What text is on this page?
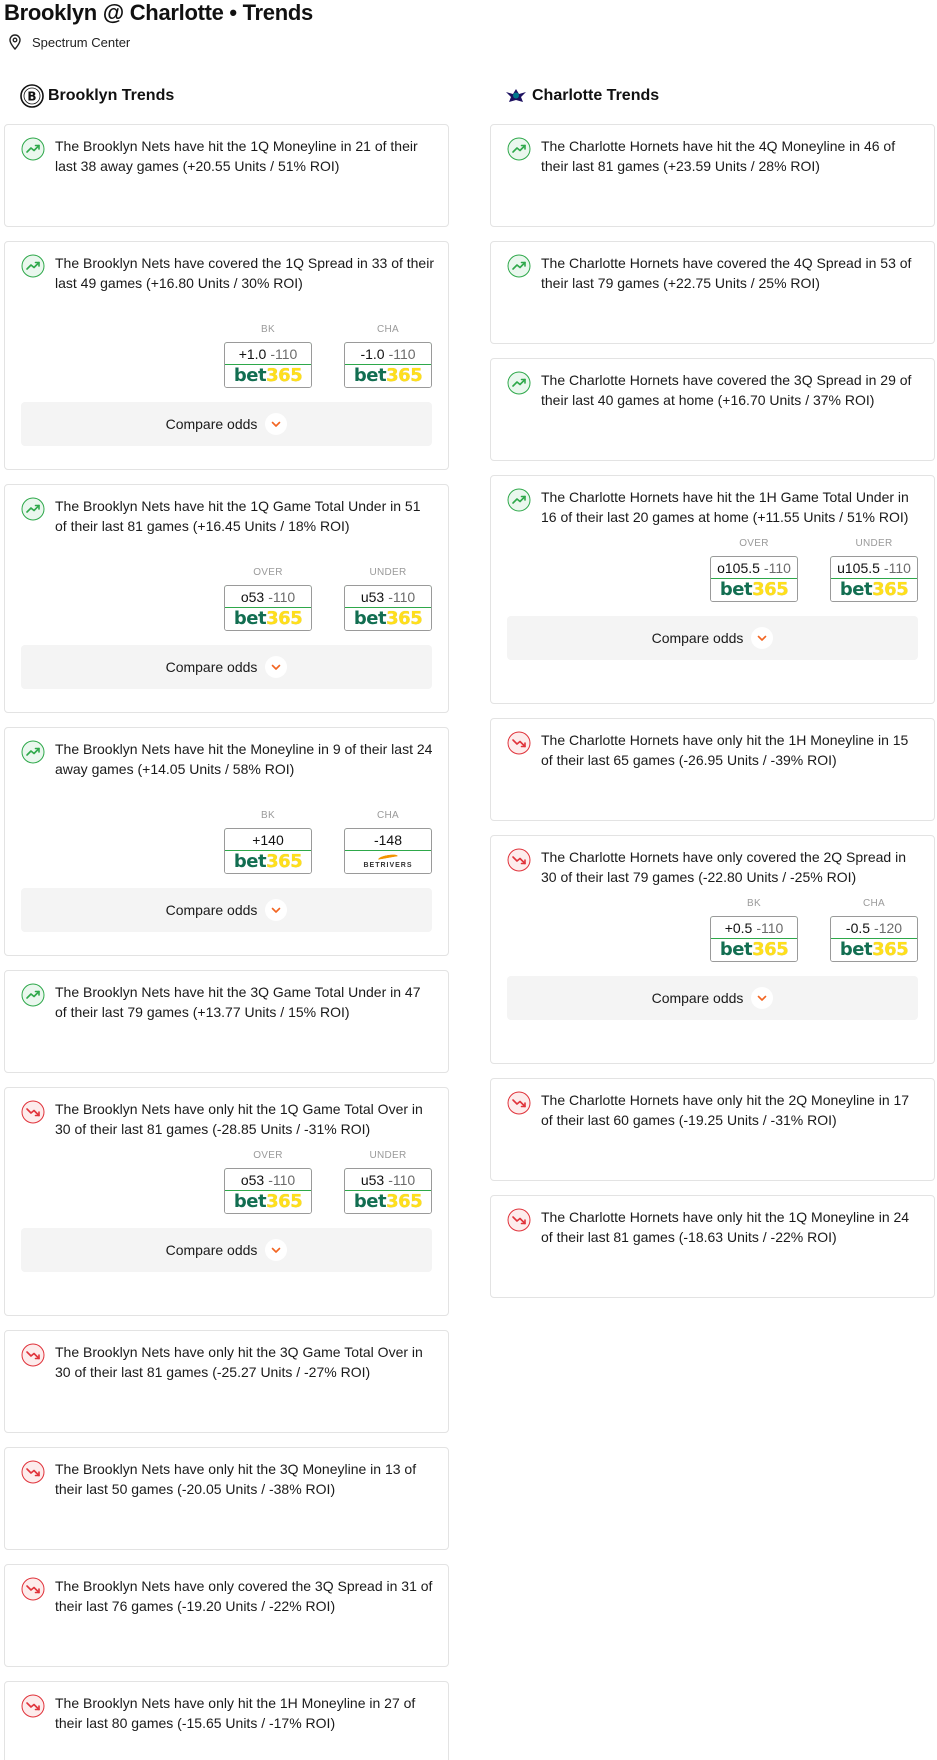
Brooklyn @ Charlotte • Trends
Spectrum Center
B Brooklyn Trends
The Brooklyn Nets have hit the 1Q Moneyline in 21 of their last 38 away games (+20.55 Units / 51% ROI)
The Brooklyn Nets have covered the 1Q Spread in 33 of their last 49 games (+16.80 Units / 30% ROI)
BK
+1.0 -110
bet365
CHA
-1.0 -110
bet365
Compare odds
The Brooklyn Nets have hit the 1Q Game Total Under in 51 of their last 81 games (+16.45 Units / 18% ROI)
OVER
o53 -110
bet365
UNDER
u53 -110
bet365
Compare odds
The Brooklyn Nets have hit the Moneyline in 9 of their last 24 away games (+14.05 Units / 58% ROI)
BK
+140
bet365
CHA
-148
BETRIVERS
Compare odds
The Brooklyn Nets have hit the 3Q Game Total Under in 47 of their last 79 games (+13.77 Units / 15% ROI)
The Brooklyn Nets have only hit the 1Q Game Total Over in 30 of their last 81 games (-28.85 Units / -31% ROI)
OVER
o53 -110
bet365
UNDER
u53 -110
bet365
Compare odds
The Brooklyn Nets have only hit the 3Q Game Total Over in 30 of their last 81 games (-25.27 Units / -27% ROI)
The Brooklyn Nets have only hit the 3Q Moneyline in 13 of their last 50 games (-20.05 Units / -38% ROI)
The Brooklyn Nets have only covered the 3Q Spread in 31 of their last 76 games (-19.20 Units / -22% ROI)
The Brooklyn Nets have only hit the 1H Moneyline in 27 of their last 80 games (-15.65 Units / -17% ROI)
Charlotte Trends
The Charlotte Hornets have hit the 4Q Moneyline in 46 of their last 81 games (+23.59 Units / 28% ROI)
The Charlotte Hornets have covered the 4Q Spread in 53 of their last 79 games (+22.75 Units / 25% ROI)
The Charlotte Hornets have covered the 3Q Spread in 29 of their last 40 games at home (+16.70 Units / 37% ROI)
The Charlotte Hornets have hit the 1H Game Total Under in 16 of their last 20 games at home (+11.55 Units / 51% ROI)
OVER
o105.5 -110
bet365
UNDER
u105.5 -110
bet365
Compare odds
The Charlotte Hornets have only hit the 1H Moneyline in 15 of their last 65 games (-26.95 Units / -39% ROI)
The Charlotte Hornets have only covered the 2Q Spread in 30 of their last 79 games (-22.80 Units / -25% ROI)
BK
+0.5 -110
bet365
CHA
-0.5 -120
bet365
Compare odds
The Charlotte Hornets have only hit the 2Q Moneyline in 17 of their last 60 games (-19.25 Units / -31% ROI)
The Charlotte Hornets have only hit the 1Q Moneyline in 24 of their last 81 games (-18.63 Units / -22% ROI)
